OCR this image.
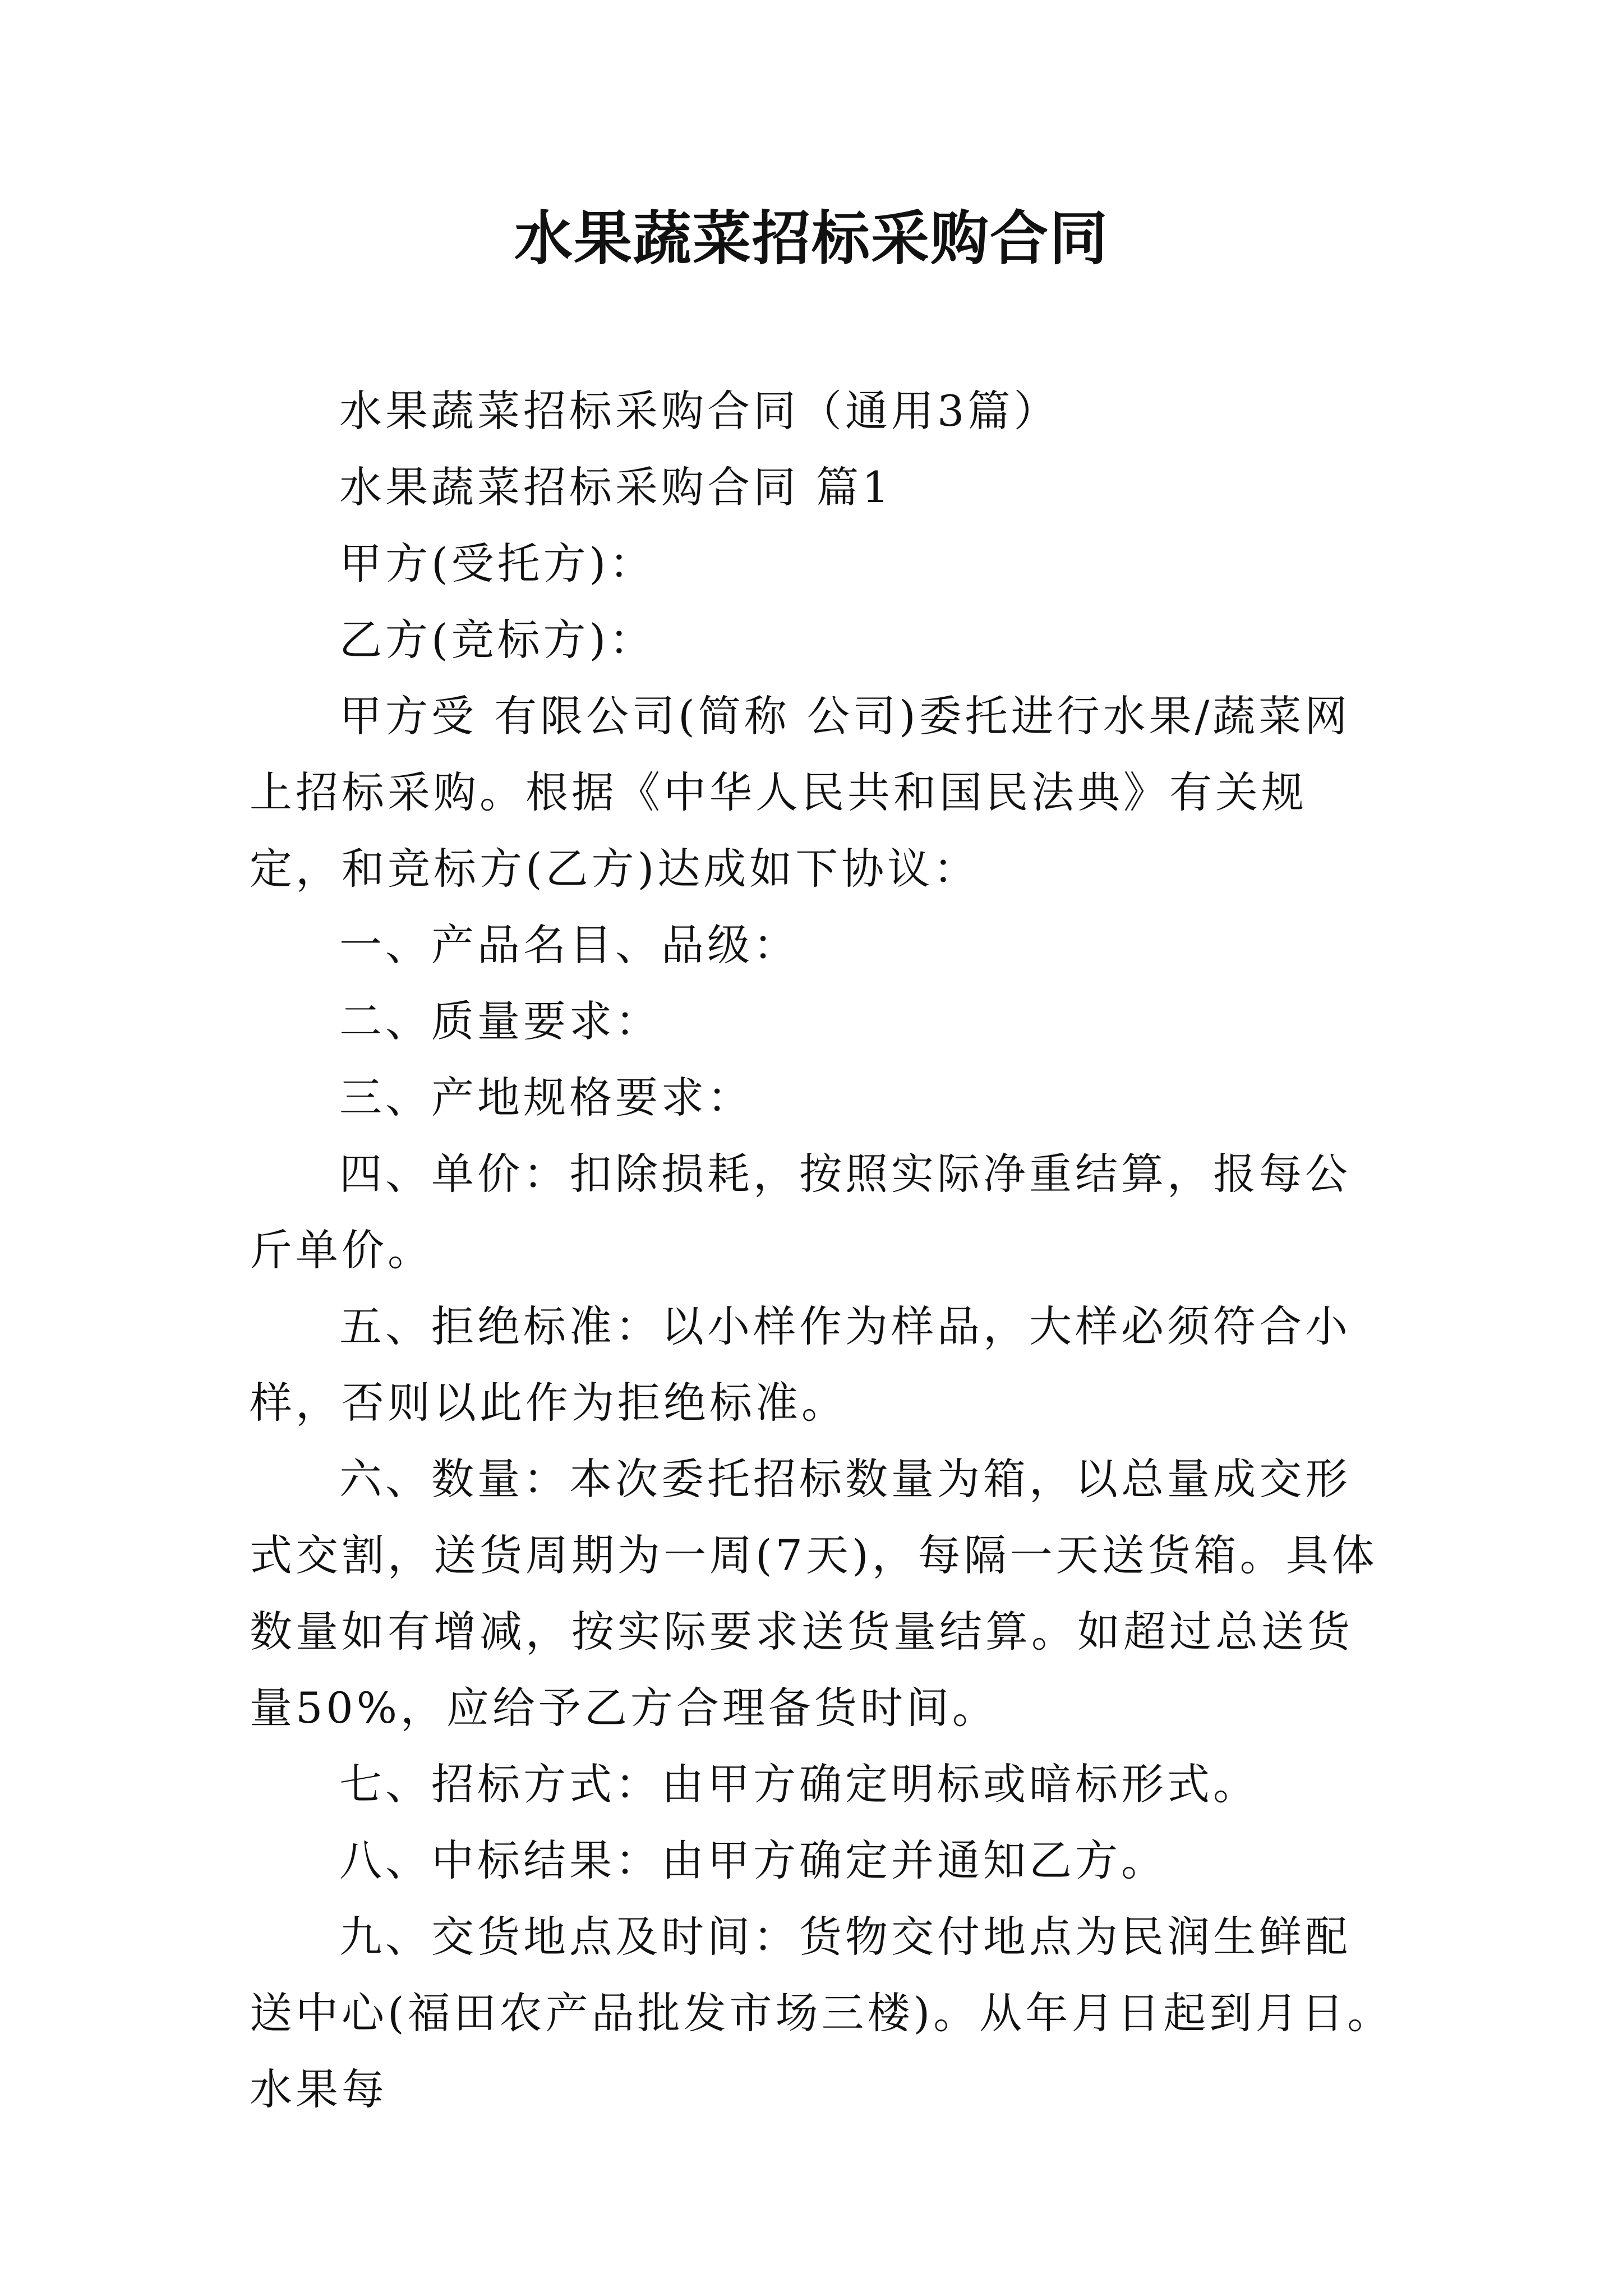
水果蔬菜招标采购合同

水果蔬菜招标采购合同（通用3篇）

水果蔬菜招标采购合同 篇1

甲方(受托方)：

乙方(竞标方)：

甲方受 有限公司(简称 公司)委托进行水果/蔬菜网上招标采购。根据《中华人民共和国民法典》有关规定，和竞标方(乙方)达成如下协议：

一、产品名目、品级：

二、质量要求：

三、产地规格要求：

四、单价：扣除损耗，按照实际净重结算，报每公斤单价。

五、拒绝标准：以小样作为样品，大样必须符合小样，否则以此作为拒绝标准。

六、数量：本次委托招标数量为箱，以总量成交形式交割，送货周期为一周(7天)，每隔一天送货箱。具体数量如有增减，按实际要求送货量结算。如超过总送货量50%，应给予乙方合理备货时间。

七、招标方式：由甲方确定明标或暗标形式。

八、中标结果：由甲方确定并通知乙方。

九、交货地点及时间：货物交付地点为民润生鲜配送中心(福田农产品批发市场三楼)。从年月日起到月日。水果每
